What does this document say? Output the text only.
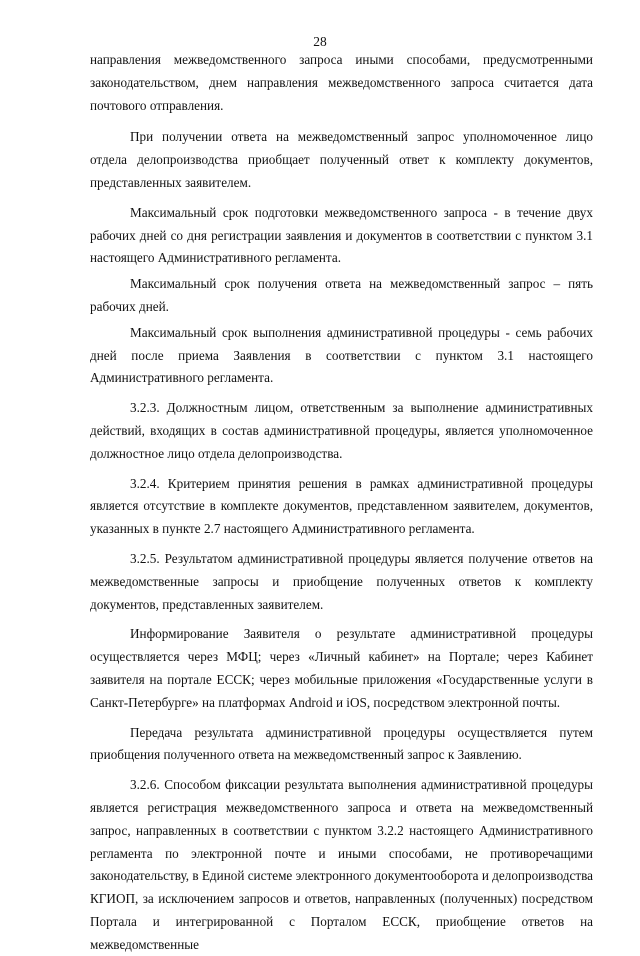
28

направления межведомственного запроса иными способами, предусмотренными законодательством, днем направления межведомственного запроса считается дата почтового отправления.

При получении ответа на межведомственный запрос уполномоченное лицо отдела делопроизводства приобщает полученный ответ к комплекту документов, представленных заявителем.

Максимальный срок подготовки межведомственного запроса - в течение двух рабочих дней со дня регистрации заявления и документов в соответствии с пунктом 3.1 настоящего Административного регламента.

Максимальный срок получения ответа на межведомственный запрос – пять рабочих дней.

Максимальный срок выполнения административной процедуры - семь рабочих дней после приема Заявления в соответствии с пунктом 3.1 настоящего Административного регламента.

3.2.3. Должностным лицом, ответственным за выполнение административных действий, входящих в состав административной процедуры, является уполномоченное должностное лицо отдела делопроизводства.

3.2.4. Критерием принятия решения в рамках административной процедуры является отсутствие в комплекте документов, представленном заявителем, документов, указанных в пункте 2.7 настоящего Административного регламента.

3.2.5. Результатом административной процедуры является получение ответов на межведомственные запросы и приобщение полученных ответов к комплекту документов, представленных заявителем.

Информирование Заявителя о результате административной процедуры осуществляется через МФЦ; через «Личный кабинет» на Портале; через Кабинет заявителя на портале ЕССК; через мобильные приложения «Государственные услуги в Санкт-Петербурге» на платформах Android и iOS, посредством электронной почты.

Передача результата административной процедуры осуществляется путем приобщения полученного ответа на межведомственный запрос к Заявлению.

3.2.6. Способом фиксации результата выполнения административной процедуры является регистрация межведомственного запроса и ответа на межведомственный запрос, направленных в соответствии с пунктом 3.2.2 настоящего Административного регламента по электронной почте и иными способами, не противоречащими законодательству, в Единой системе электронного документооборота и делопроизводства КГИОП, за исключением запросов и ответов, направленных (полученных) посредством Портала и интегрированной с Порталом ЕССК, приобщение ответов на межведомственные
